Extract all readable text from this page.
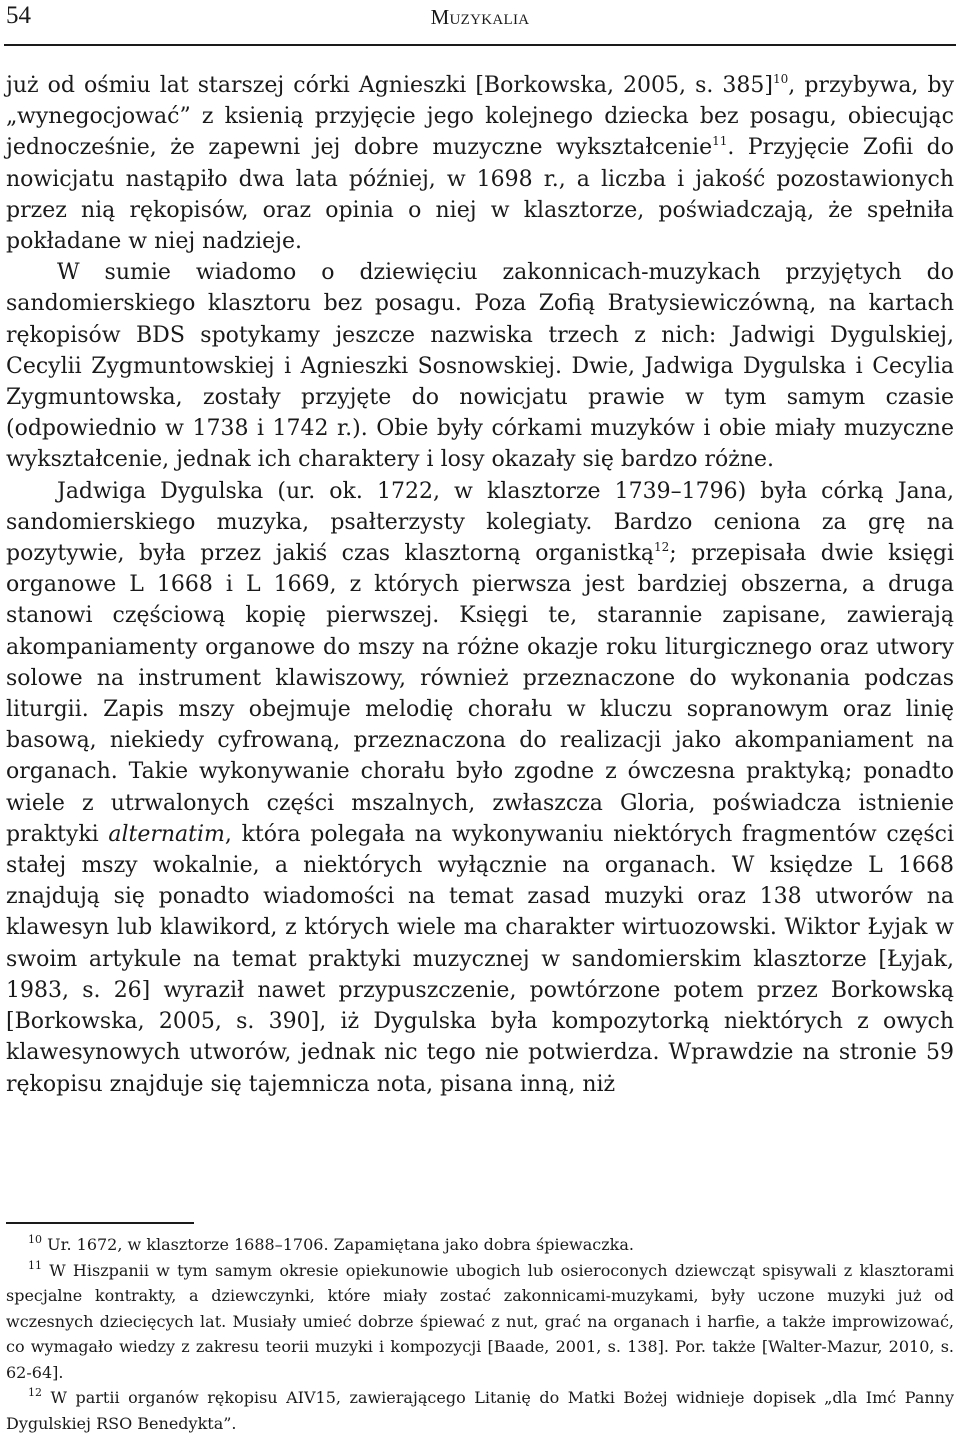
54	Muzykalia

już od ośmiu lat starszej córki Agnieszki [Borkowska, 2005, s. 385]$^{10}$, przybywa, by „wynegocjować” z ksienią przyjęcie jego kolejnego dziecka bez posagu, obiecując jednocześnie, że zapewni jej dobre muzyczne wykształcenie$^{11}$. Przyjęcie Zofii do nowicjatu nastąpiło dwa lata później, w 1698 r., a liczba i jakość pozostawionych przez nią rękopisów, oraz opinia o niej w klasztorze, poświadczają, że spełniła pokładane w niej nadzieje.

W sumie wiadomo o dziewięciu zakonnicach-muzykach przyjętych do sandomierskiego klasztoru bez posagu. Poza Zofią Bratysiewiczówną, na kartach rękopisów BDS spotykamy jeszcze nazwiska trzech z nich: Jadwigi Dygulskiej, Cecylii Zygmuntowskiej i Agnieszki Sosnowskiej. Dwie, Jadwiga Dygulska i Cecylia Zygmuntowska, zostały przyjęte do nowicjatu prawie w tym samym czasie (odpowiednio w 1738 i 1742 r.). Obie były córkami muzyków i obie miały muzyczne wykształcenie, jednak ich charaktery i losy okazały się bardzo różne.

Jadwiga Dygulska (ur. ok. 1722, w klasztorze 1739–1796) była córką Jana, sandomierskiego muzyka, psałterzysty kolegiaty. Bardzo ceniona za grę na pozytywie, była przez jakiś czas klasztorną organistką$^{12}$; przepisała dwie księgi organowe L 1668 i L 1669, z których pierwsza jest bardziej obszerna, a druga stanowi częściową kopię pierwszej. Księgi te, starannie zapisane, zawierają akompaniamenty organowe do mszy na różne okazje roku liturgicznego oraz utwory solowe na instrument klawiszowy, również przeznaczone do wykonania podczas liturgii. Zapis mszy obejmuje melodię chorału w kluczu sopranowym oraz linię basową, niekiedy cyfrowaną, przeznaczona do realizacji jako akompaniament na organach. Takie wykonywanie chorału było zgodne z ówczesna praktyką; ponadto wiele z utrwalonych części mszalnych, zwłaszcza Gloria, poświadcza istnienie praktyki alternatim, która polegała na wykonywaniu niektórych fragmentów części stałej mszy wokalnie, a niektórych wyłącznie na organach. W księdze L 1668 znajdują się ponadto wiadomości na temat zasad muzyki oraz 138 utworów na klawesyn lub klawikord, z których wiele ma charakter wirtuozowski. Wiktor Łyjak w swoim artykule na temat praktyki muzycznej w sandomierskim klasztorze [Łyjak, 1983, s. 26] wyraził nawet przypuszczenie, powtórzone potem przez Borkowską [Borkowska, 2005, s. 390], iż Dygulska była kompozytorką niektórych z owych klawesynowych utworów, jednak nic tego nie potwierdza. Wprawdzie na stronie 59 rękopisu znajduje się tajemnicza nota, pisana inną, niż

$^{10}$ Ur. 1672, w klasztorze 1688–1706. Zapamiętana jako dobra śpiewaczka.

$^{11}$ W Hiszpanii w tym samym okresie opiekunowie ubogich lub osieroconych dziewcząt spisywali z klasztorami specjalne kontrakty, a dziewczynki, które miały zostać zakonnicami-muzykami, były uczone muzyki już od wczesnych dziecięcych lat. Musiały umieć dobrze śpiewać z nut, grać na organach i harfie, a także improwizować, co wymagało wiedzy z zakresu teorii muzyki i kompozycji [Baade, 2001, s. 138]. Por. także [Walter-Mazur, 2010, s. 62-64].

$^{12}$ W partii organów rękopisu AIV15, zawierającego Litanię do Matki Bożej widnieje dopisek „dla Imć Panny Dygulskiej RSO Benedykta”.
